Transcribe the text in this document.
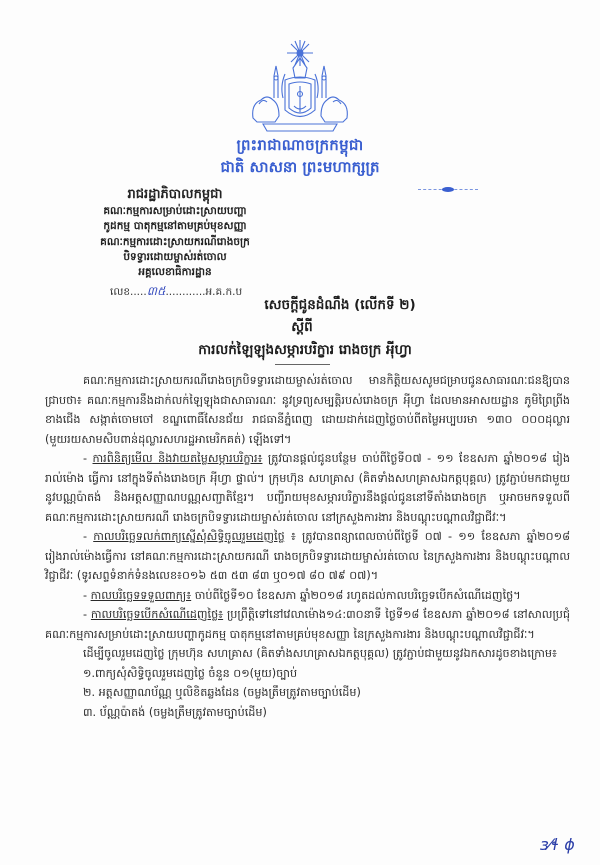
ព្រះរាជាណាចក្រកម្ពុជា
ជាតិ សាសនា ព្រះមហាក្សត្រ
រាជរដ្ឋាភិបាលកម្ពុជា
គណៈកម្មការសម្រាប់ដោះស្រាយបញ្ហា
កូដកម្ម បាតុកម្មនៅតាមគ្រប់មុខសញ្ញា
គណៈកម្មការដោះស្រាយករណីរោងចក្រ
បិទទ្វារដោយម្ចាស់រត់ចោល
អគ្គលេខាធិការដ្ឋាន
លេខ.....៣៥............អ.គ.ក.ប
សេចក្តីជូនដំណឹង (លើកទី ២)
ស្តីពី
ការលក់ឡៃឡុងសម្ភារបរិក្ខារ រោងចក្រ អុីហ្វា

គណៈកម្មការដោះស្រាយករណីរោងចក្របិទទ្វារដោយម្ចាស់រត់ចោល មានកិត្តិយសសូមជម្រាបជូនសាធារណៈជនឱ្យបានជ្រាបថា៖ គណៈកម្មការនឹងដាក់លក់ឡៃឡុងជាសាធារណៈ នូវទ្រព្យសម្បត្តិរបស់រោងចក្រ អុីហ្វា ដែលមានអាសយដ្ឋាន ភូមិព្រៃព្រីងខាងជើង សង្កាត់ចោមចៅ ខណ្ឌពោធិ៍សែនជ័យ រាជធានីភ្នំពេញ ដោយដាក់ដេញថ្លៃចាប់ពីតម្លៃអប្បបរមា ១៣០ ០០០ដុល្លារ (មួយរយសាមសិបពាន់ដុល្លារសហរដ្ឋអាមេរិកគត់) ឡើងទៅ។

- ការពិនិត្យមើល និងវាយតម្លៃសម្ភារបរិក្ខារ៖ ត្រូវបានផ្តល់ជូនបន្ថែម ចាប់ពីថ្ងៃទី០៧ - ១១ ខែឧសភា ឆ្នាំ២០១៨ រៀងរាល់ម៉ោង ធ្វើការ នៅក្នុងទីតាំងរោងចក្រ អុីហ្វា ផ្ទាល់។ ក្រុមហ៊ុន សហគ្រាស (គិតទាំងសហគ្រាសឯកត្តបុគ្គល) ត្រូវភ្ជាប់មកជាមួយនូវបណ្ណប៉ាតង់ និងអត្តសញ្ញាណបណ្ណសញ្ជាតិខ្មែរ។ បញ្ជីរាយមុខសម្ភារបរិក្ខារនឹងផ្តល់ជូននៅទីតាំងរោងចក្រ ឬអាចមកទទួលពី គណៈកម្មការដោះស្រាយករណី រោងចក្របិទទ្វារដោយម្ចាស់រត់ចោល នៅក្រសួងការងារ និងបណ្តុះបណ្តាលវិជ្ជាជីវៈ។

- កាលបរិច្ឆេទលក់ពាក្យស្នើសុំសិទ្ធិចូលរួមដេញថ្លៃ ៖ ត្រូវបានពន្យាពេលចាប់ពីថ្ងៃទី ០៧ - ១១ ខែឧសភា ឆ្នាំ២០១៨ រៀងរាល់ម៉ោងធ្វើការ នៅគណៈកម្មការដោះស្រាយករណី រោងចក្របិទទ្វារដោយម្ចាស់រត់ចោល នៃក្រសួងការងារ និងបណ្តុះបណ្តាលវិជ្ជាជីវៈ (ទូរសព្ទទំនាក់ទំនងលេខ៖០១៦ ៥៣ ៥៣ ៨៣ ឬ០១៧ ៨០ ៧៩ ០៧)។

- កាលបរិច្ឆេទទទួលពាក្យ៖ ចាប់ពីថ្ងៃទី១០ ខែឧសភា ឆ្នាំ២០១៨ រហូតដល់កាលបរិច្ឆេទបើកសំណើដេញថ្លៃ។

- កាលបរិច្ឆេទបើកសំណើដេញថ្លៃ៖ ប្រព្រឹត្តិទៅនៅវេលាម៉ោង១៤:៣០នាទី ថ្ងៃទី១៨ ខែឧសភា ឆ្នាំ២០១៨ នៅសាលប្រជុំគណៈកម្មការសម្រាប់ដោះស្រាយបញ្ហាកូដកម្ម បាតុកម្មនៅតាមគ្រប់មុខសញ្ញា នៃក្រសួងការងារ និងបណ្តុះបណ្តាលវិជ្ជាជីវៈ។

ដើម្បីចូលរួមដេញថ្លៃ ក្រុមហ៊ុន សហគ្រាស (គិតទាំងសហគ្រាសឯកត្តបុគ្គល) ត្រូវភ្ជាប់ជាមួយនូវឯកសារដូចខាងក្រោម៖

១.ពាក្យសុំសិទ្ធិចូលរួមដេញថ្លៃ ចំនួន ០១(មួយ)ច្បាប់

២. អត្តសញ្ញាណប័ណ្ណ ឬលិខិតឆ្លងដែន (ចម្លងត្រឹមត្រូវតាមច្បាប់ដើម)

៣. ប័ណ្ណប៉ាតង់ (ចម្លងត្រឹមត្រូវតាមច្បាប់ដើម)

ɜ⁄ɬ ϕ
